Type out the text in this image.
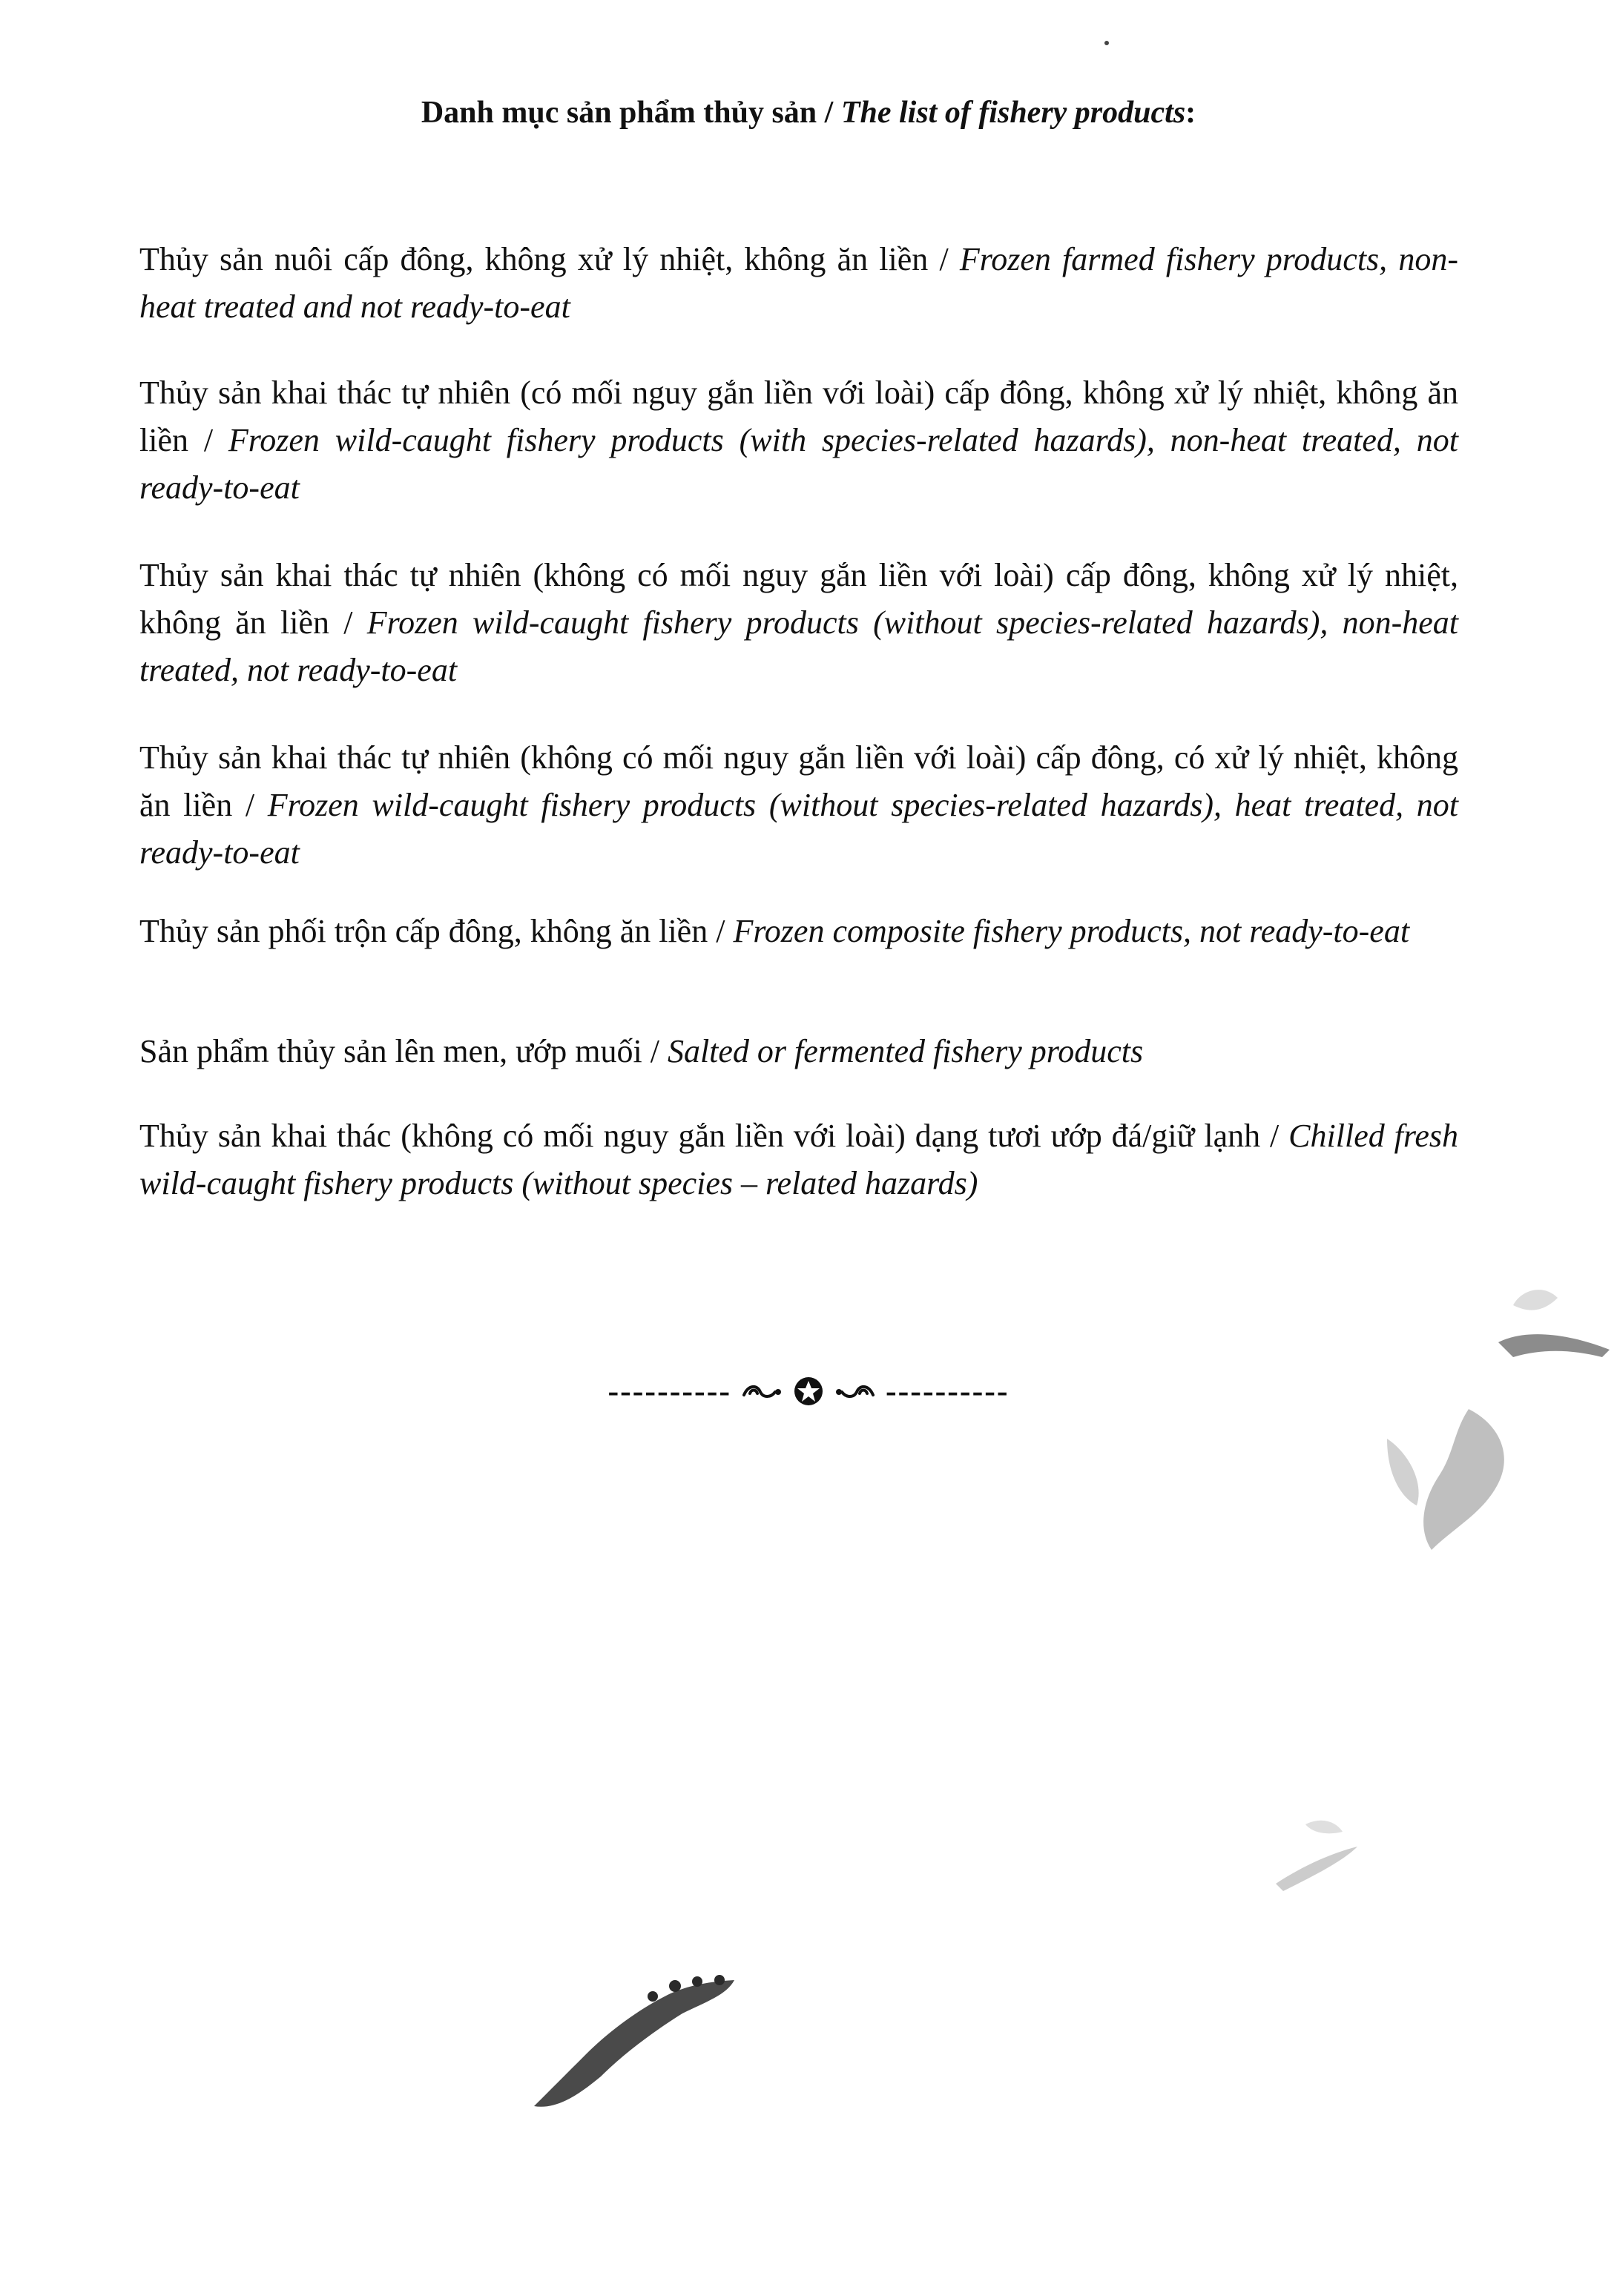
Danh mục sản phẩm thủy sản / The list of fishery products:
Thủy sản nuôi cấp đông, không xử lý nhiệt, không ăn liền / Frozen farmed fishery products, non-heat treated and not ready-to-eat
Thủy sản khai thác tự nhiên (có mối nguy gắn liền với loài) cấp đông, không xử lý nhiệt, không ăn liền / Frozen wild-caught fishery products (with species-related hazards), non-heat treated, not ready-to-eat
Thủy sản khai thác tự nhiên (không có mối nguy gắn liền với loài) cấp đông, không xử lý nhiệt, không ăn liền / Frozen wild-caught fishery products (without species-related hazards), non-heat treated, not ready-to-eat
Thủy sản khai thác tự nhiên (không có mối nguy gắn liền với loài) cấp đông, có xử lý nhiệt, không ăn liền / Frozen wild-caught fishery products (without species-related hazards), heat treated, not ready-to-eat
Thủy sản phối trộn cấp đông, không ăn liền / Frozen composite fishery products, not ready-to-eat
Sản phẩm thủy sản lên men, ướp muối / Salted or fermented fishery products
Thủy sản khai thác (không có mối nguy gắn liền với loài) dạng tươi ướp đá/giữ lạnh / Chilled fresh wild-caught fishery products (without species – related hazards)
----------	----------
